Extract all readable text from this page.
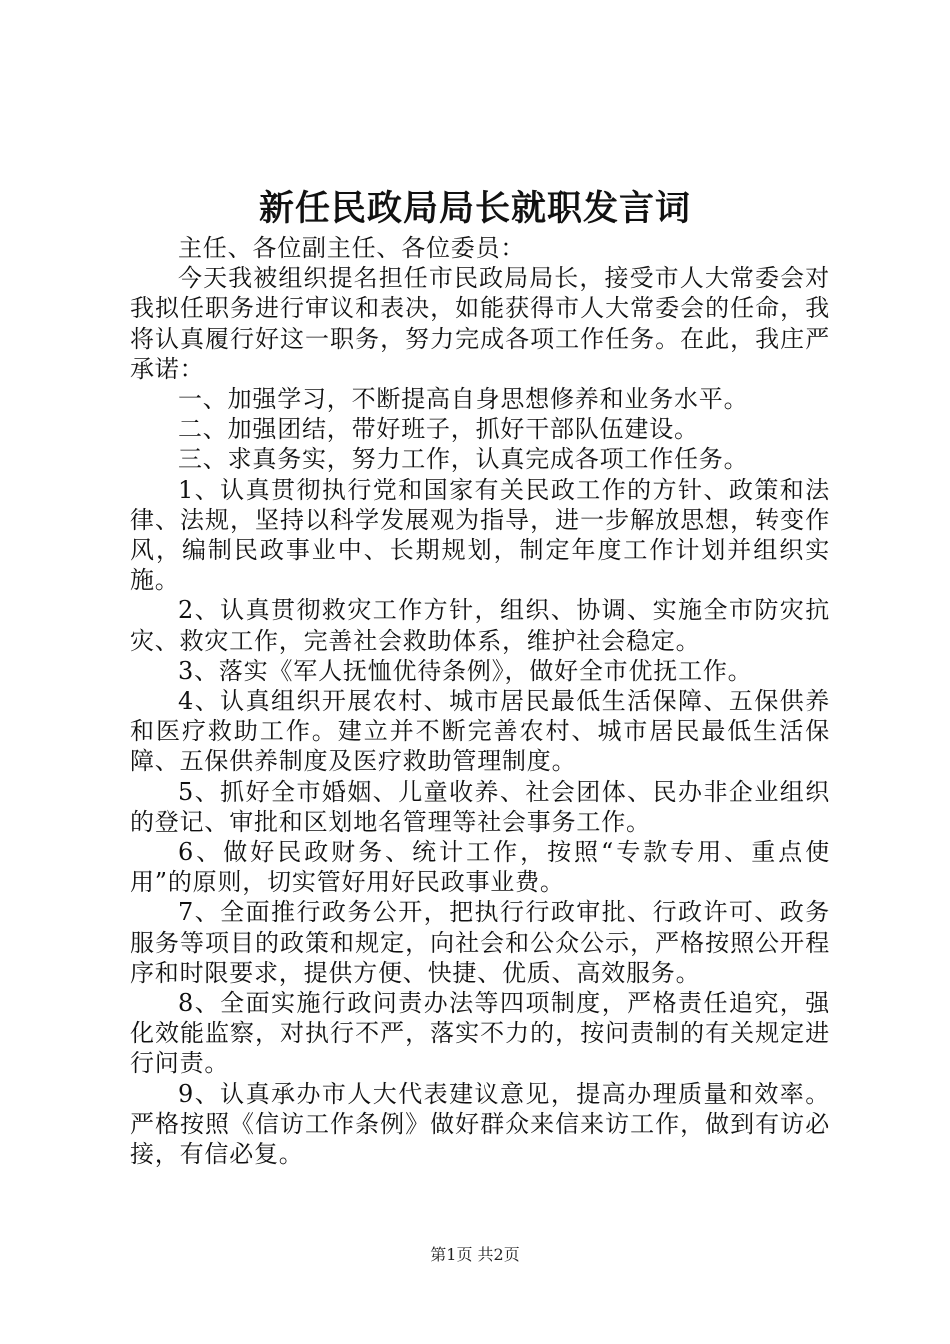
新任民政局局长就职发言词

主任、各位副主任、各位委员：

今天我被组织提名担任市民政局局长，接受市人大常委会对我拟任职务进行审议和表决，如能获得市人大常委会的任命，我将认真履行好这一职务，努力完成各项工作任务。在此，我庄严承诺：

一、加强学习，不断提高自身思想修养和业务水平。

二、加强团结，带好班子，抓好干部队伍建设。

三、求真务实，努力工作，认真完成各项工作任务。

1、认真贯彻执行党和国家有关民政工作的方针、政策和法律、法规，坚持以科学发展观为指导，进一步解放思想，转变作风，编制民政事业中、长期规划，制定年度工作计划并组织实施。

2、认真贯彻救灾工作方针，组织、协调、实施全市防灾抗灾、救灾工作，完善社会救助体系，维护社会稳定。

3、落实《军人抚恤优待条例》，做好全市优抚工作。

4、认真组织开展农村、城市居民最低生活保障、五保供养和医疗救助工作。建立并不断完善农村、城市居民最低生活保障、五保供养制度及医疗救助管理制度。

5、抓好全市婚姻、儿童收养、社会团体、民办非企业组织的登记、审批和区划地名管理等社会事务工作。

6、做好民政财务、统计工作，按照“专款专用、重点使用”的原则，切实管好用好民政事业费。

7、全面推行政务公开，把执行行政审批、行政许可、政务服务等项目的政策和规定，向社会和公众公示，严格按照公开程序和时限要求，提供方便、快捷、优质、高效服务。

8、全面实施行政问责办法等四项制度，严格责任追究，强化效能监察，对执行不严，落实不力的，按问责制的有关规定进行问责。

9、认真承办市人大代表建议意见，提高办理质量和效率。严格按照《信访工作条例》做好群众来信来访工作，做到有访必接，有信必复。

第1页 共2页
